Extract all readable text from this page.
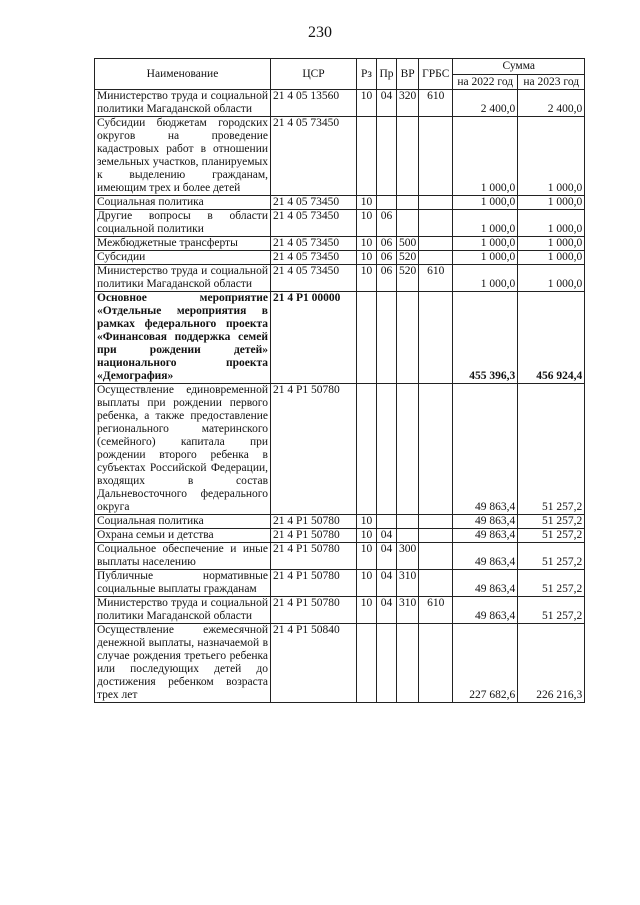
230
Наименование	ЦСР	Рз	Пр	ВР	ГРБС	Сумма	
						на 2022 год	на 2023 год
Министерство труда и социальной политики Магаданской области	21 4 05 13560	10	04	320	610	2 400,0	2 400,0
Субсидии бюджетам городских округов на проведение кадастровых работ в отношении земельных участков, планируемых к выделению гражданам, имеющим трех и более детей	21 4 05 73450					1 000,0	1 000,0
Социальная политика	21 4 05 73450	10				1 000,0	1 000,0
Другие вопросы в области социальной политики	21 4 05 73450	10	06			1 000,0	1 000,0
Межбюджетные трансферты	21 4 05 73450	10	06	500		1 000,0	1 000,0
Субсидии	21 4 05 73450	10	06	520		1 000,0	1 000,0
Министерство труда и социальной политики Магаданской области	21 4 05 73450	10	06	520	610	1 000,0	1 000,0
Основное мероприятие «Отдельные мероприятия в рамках федерального проекта «Финансовая поддержка семей при рождении детей» национального проекта «Демография»	21 4 P1 00000					455 396,3	456 924,4
Осуществление единовременной выплаты при рождении первого ребенка, а также предоставление регионального материнского (семейного) капитала при рождении второго ребенка в субъектах Российской Федерации, входящих в состав Дальневосточного федерального округа	21 4 P1 50780					49 863,4	51 257,2
Социальная политика	21 4 P1 50780	10				49 863,4	51 257,2
Охрана семьи и детства	21 4 P1 50780	10	04			49 863,4	51 257,2
Социальное обеспечение и иные выплаты населению	21 4 P1 50780	10	04	300		49 863,4	51 257,2
Публичные нормативные социальные выплаты гражданам	21 4 P1 50780	10	04	310		49 863,4	51 257,2
Министерство труда и социальной политики Магаданской области	21 4 P1 50780	10	04	310	610	49 863,4	51 257,2
Осуществление ежемесячной денежной выплаты, назначаемой в случае рождения третьего ребенка или последующих детей до достижения ребенком возраста трех лет	21 4 P1 50840					227 682,6	226 216,3
